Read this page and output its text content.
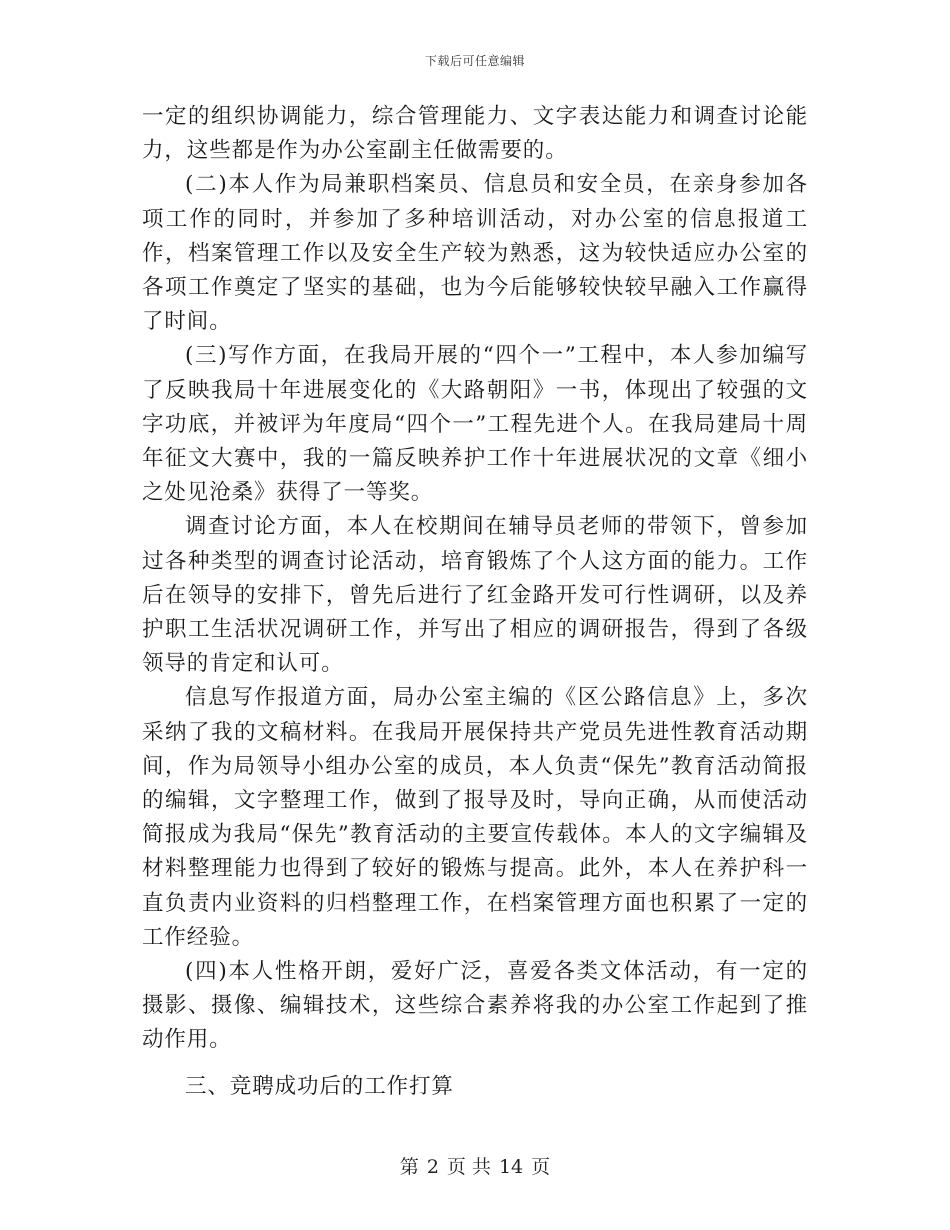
下载后可任意编辑

一定的组织协调能力，综合管理能力、文字表达能力和调查讨论能力，这些都是作为办公室副主任做需要的。

(二)本人作为局兼职档案员、信息员和安全员，在亲身参加各项工作的同时，并参加了多种培训活动，对办公室的信息报道工作，档案管理工作以及安全生产较为熟悉，这为较快适应办公室的各项工作奠定了坚实的基础，也为今后能够较快较早融入工作赢得了时间。

(三)写作方面，在我局开展的“四个一”工程中，本人参加编写了反映我局十年进展变化的《大路朝阳》一书，体现出了较强的文字功底，并被评为年度局“四个一”工程先进个人。在我局建局十周年征文大赛中，我的一篇反映养护工作十年进展状况的文章《细小之处见沧桑》获得了一等奖。

调查讨论方面，本人在校期间在辅导员老师的带领下，曾参加过各种类型的调查讨论活动，培育锻炼了个人这方面的能力。工作后在领导的安排下，曾先后进行了红金路开发可行性调研，以及养护职工生活状况调研工作，并写出了相应的调研报告，得到了各级领导的肯定和认可。

信息写作报道方面，局办公室主编的《区公路信息》上，多次采纳了我的文稿材料。在我局开展保持共产党员先进性教育活动期间，作为局领导小组办公室的成员，本人负责“保先”教育活动简报的编辑，文字整理工作，做到了报导及时，导向正确，从而使活动简报成为我局“保先”教育活动的主要宣传载体。本人的文字编辑及材料整理能力也得到了较好的锻炼与提高。此外，本人在养护科一直负责内业资料的归档整理工作，在档案管理方面也积累了一定的工作经验。

(四)本人性格开朗，爱好广泛，喜爱各类文体活动，有一定的摄影、摄像、编辑技术，这些综合素养将我的办公室工作起到了推动作用。

三、竞聘成功后的工作打算

第 2 页 共 14 页
